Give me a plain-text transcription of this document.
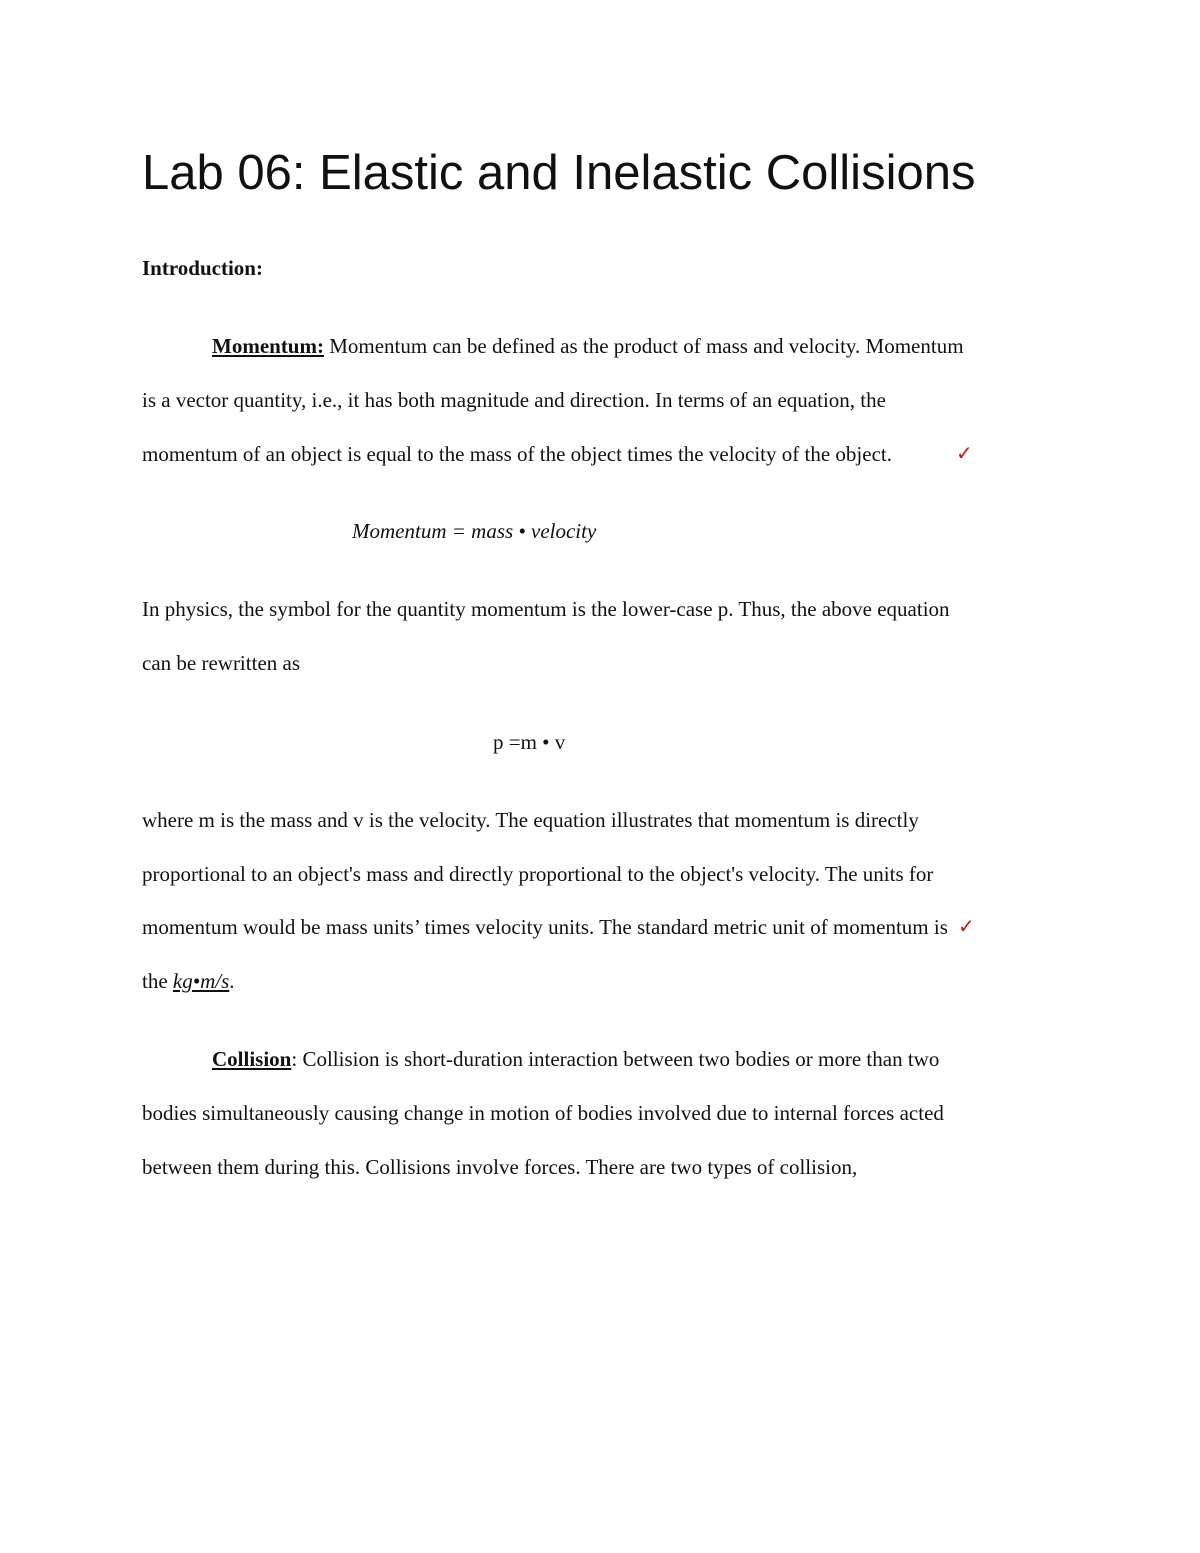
Lab 06: Elastic and Inelastic Collisions
Introduction:

Momentum: Momentum can be defined as the product of mass and velocity. Momentum

is a vector quantity, i.e., it has both magnitude and direction. In terms of an equation, the

momentum of an object is equal to the mass of the object times the velocity of the object.	✓

Momentum = mass • velocity

In physics, the symbol for the quantity momentum is the lower-case p. Thus, the above equation

can be rewritten as

p =m • v

where m is the mass and v is the velocity. The equation illustrates that momentum is directly

proportional to an object's mass and directly proportional to the object's velocity. The units for

momentum would be mass units’ times velocity units. The standard metric unit of momentum is ✓

the kg•m/s.

Collision: Collision is short-duration interaction between two bodies or more than two

bodies simultaneously causing change in motion of bodies involved due to internal forces acted

between them during this. Collisions involve forces. There are two types of collision,
